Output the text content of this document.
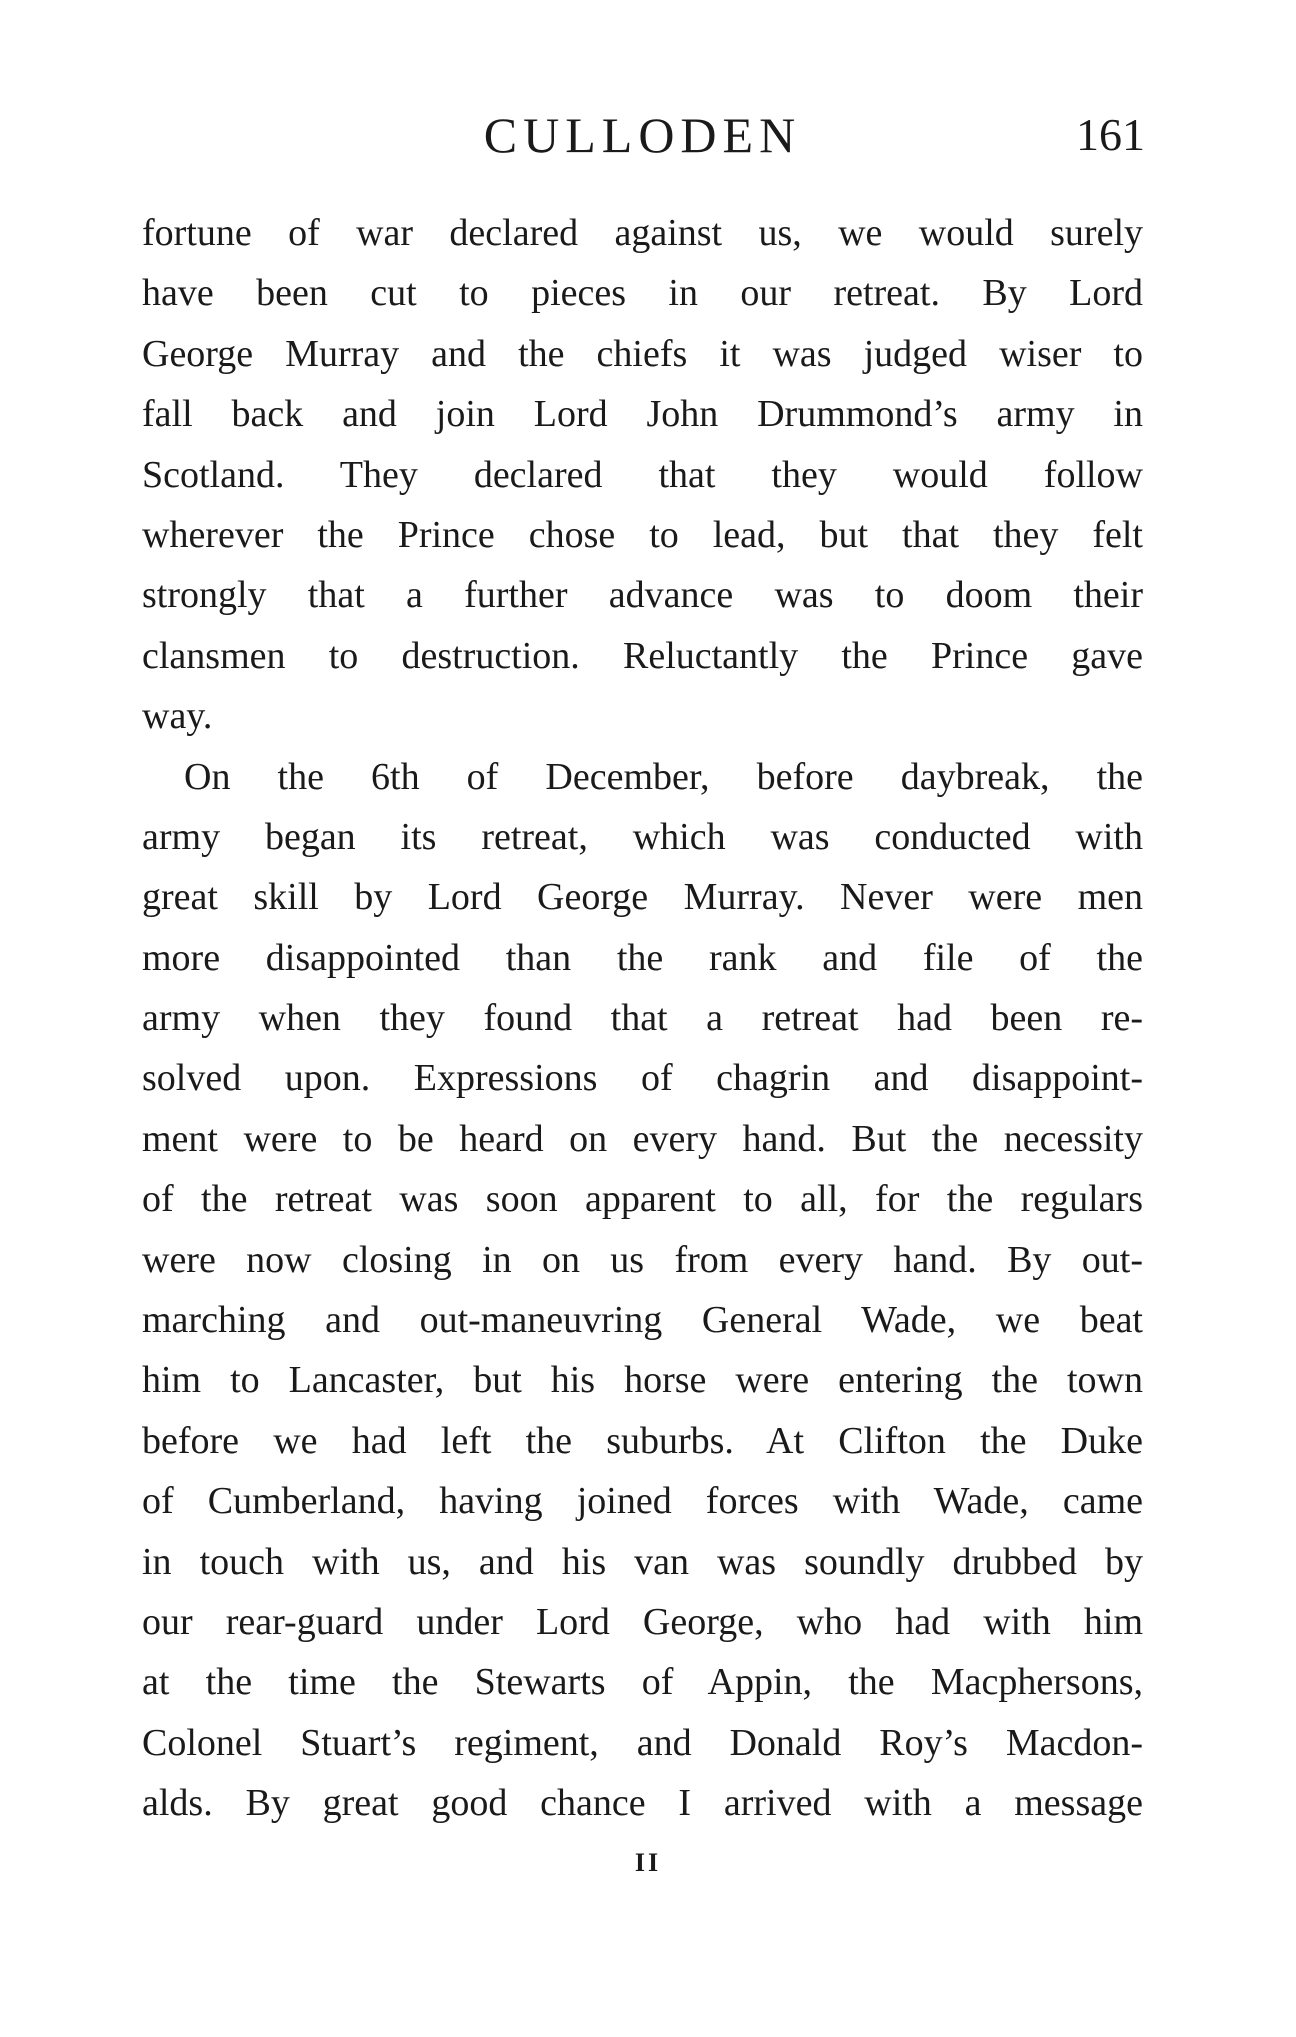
CULLODEN	161
fortune of war declared against us, we would surely
have been cut to pieces in our retreat. By Lord
George Murray and the chiefs it was judged wiser to
fall back and join Lord John Drummond’s army in
Scotland. They declared that they would follow
wherever the Prince chose to lead, but that they felt
strongly that a further advance was to doom their
clansmen to destruction. Reluctantly the Prince gave
way.
On the 6th of December, before daybreak, the
army began its retreat, which was conducted with
great skill by Lord George Murray. Never were men
more disappointed than the rank and file of the
army when they found that a retreat had been re-
solved upon. Expressions of chagrin and disappoint-
ment were to be heard on every hand. But the necessity
of the retreat was soon apparent to all, for the regulars
were now closing in on us from every hand. By out-
marching and out-maneuvring General Wade, we beat
him to Lancaster, but his horse were entering the town
before we had left the suburbs. At Clifton the Duke
of Cumberland, having joined forces with Wade, came
in touch with us, and his van was soundly drubbed by
our rear-guard under Lord George, who had with him
at the time the Stewarts of Appin, the Macphersons,
Colonel Stuart’s regiment, and Donald Roy’s Macdon-
alds. By great good chance I arrived with a message
II
